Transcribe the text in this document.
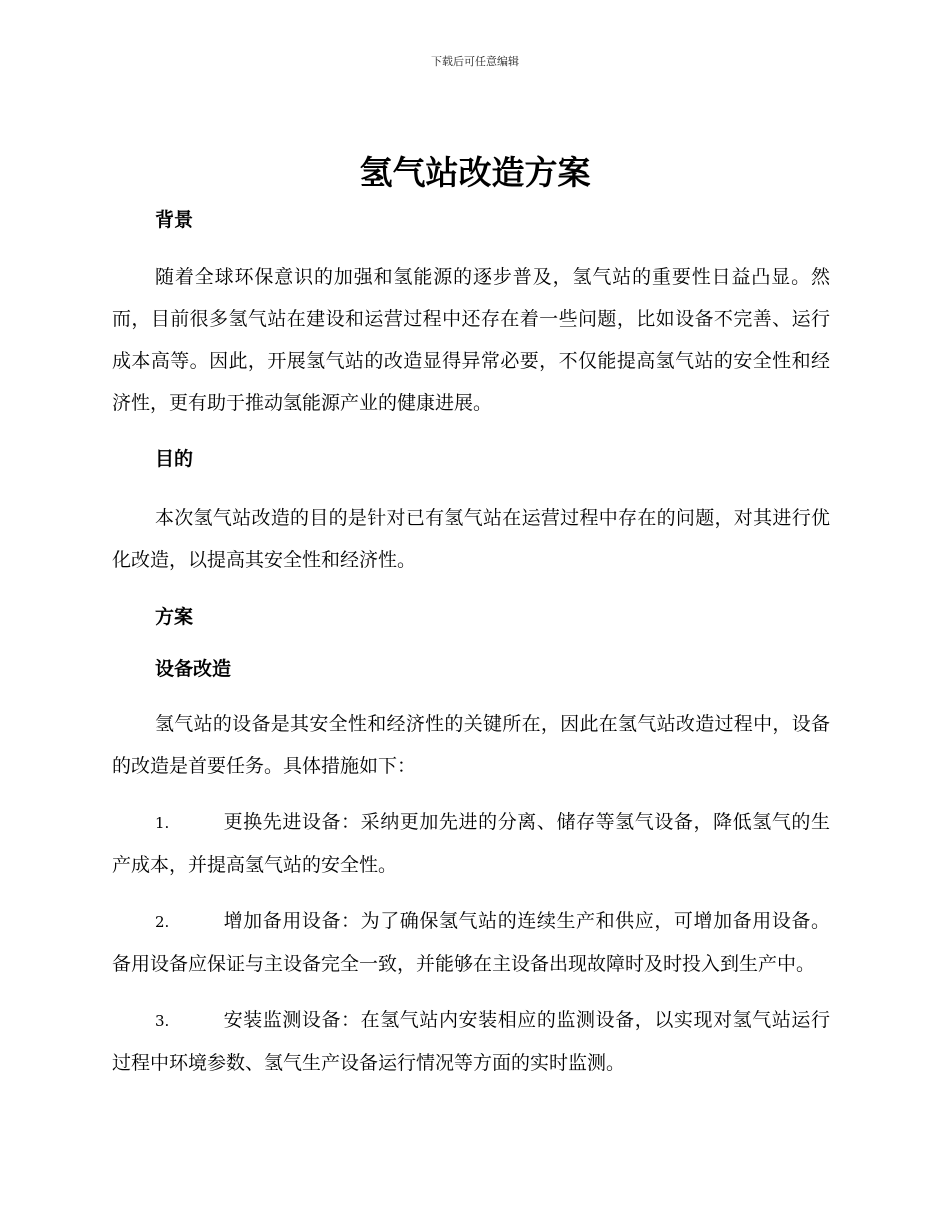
下载后可任意编辑
氢气站改造方案
背景

随着全球环保意识的加强和氢能源的逐步普及，氢气站的重要性日益凸显。然而，目前很多氢气站在建设和运营过程中还存在着一些问题，比如设备不完善、运行成本高等。因此，开展氢气站的改造显得异常必要，不仅能提高氢气站的安全性和经济性，更有助于推动氢能源产业的健康进展。

目的

本次氢气站改造的目的是针对已有氢气站在运营过程中存在的问题，对其进行优化改造，以提高其安全性和经济性。

方案
设备改造

氢气站的设备是其安全性和经济性的关键所在，因此在氢气站改造过程中，设备的改造是首要任务。具体措施如下：

1.	更换先进设备：采纳更加先进的分离、储存等氢气设备，降低氢气的生产成本，并提高氢气站的安全性。

2.	增加备用设备：为了确保氢气站的连续生产和供应，可增加备用设备。备用设备应保证与主设备完全一致，并能够在主设备出现故障时及时投入到生产中。

3.	安装监测设备：在氢气站内安装相应的监测设备，以实现对氢气站运行过程中环境参数、氢气生产设备运行情况等方面的实时监测。
